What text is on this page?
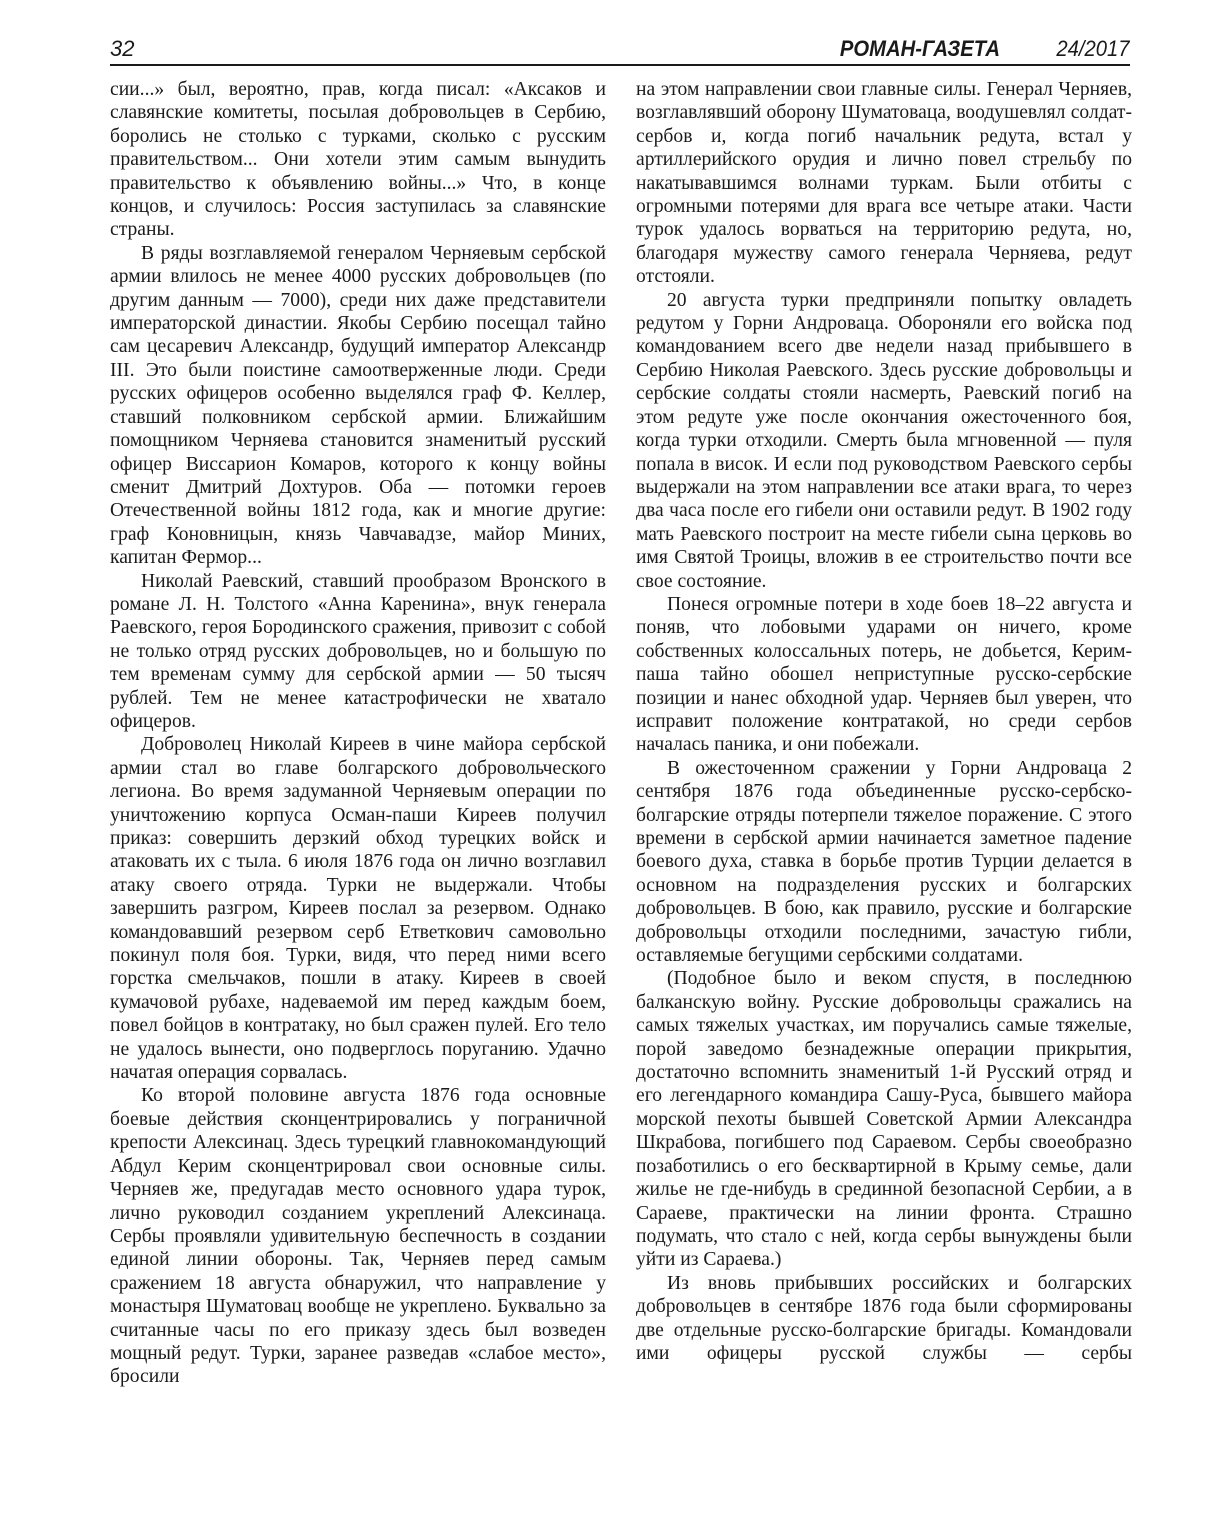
32	РОМАН-ГАЗЕТА	24/2017

сии...» был, вероятно, прав, когда писал: «Аксаков и славянские комитеты, посылая добровольцев в Сербию, боролись не столько с турками, сколько с русским правительством... Они хотели этим самым вынудить правительство к объявлению войны...» Что, в конце концов, и случилось: Россия заступилась за славянские страны.

В ряды возглавляемой генералом Черняевым сербской армии влилось не менее 4000 русских добровольцев (по другим данным — 7000), среди них даже представители императорской династии. Якобы Сербию посещал тайно сам цесаревич Александр, будущий император Александр III. Это были поистине самоотверженные люди. Среди русских офицеров особенно выделялся граф Ф. Келлер, ставший полковником сербской армии. Ближайшим помощником Черняева становится знаменитый русский офицер Виссарион Комаров, которого к концу войны сменит Дмитрий Дохтуров. Оба — потомки героев Отечественной войны 1812 года, как и многие другие: граф Коновницын, князь Чавчавадзе, майор Миних, капитан Фермор...

Николай Раевский, ставший прообразом Вронского в романе Л. Н. Толстого «Анна Каренина», внук генерала Раевского, героя Бородинского сражения, привозит с собой не только отряд русских добровольцев, но и большую по тем временам сумму для сербской армии — 50 тысяч рублей. Тем не менее катастрофически не хватало офицеров.

Доброволец Николай Киреев в чине майора сербской армии стал во главе болгарского добровольческого легиона. Во время задуманной Черняевым операции по уничтожению корпуса Осман-паши Киреев получил приказ: совершить дерзкий обход турецких войск и атаковать их с тыла. 6 июля 1876 года он лично возглавил атаку своего отряда. Турки не выдержали. Чтобы завершить разгром, Киреев послал за резервом. Однако командовавший резервом серб Етветкович самовольно покинул поля боя. Турки, видя, что перед ними всего горстка смельчаков, пошли в атаку. Киреев в своей кумачовой рубахе, надеваемой им перед каждым боем, повел бойцов в контратаку, но был сражен пулей. Его тело не удалось вынести, оно подверглось поруганию. Удачно начатая операция сорвалась.

Ко второй половине августа 1876 года основные боевые действия сконцентрировались у пограничной крепости Алексинац. Здесь турецкий главнокомандующий Абдул Керим сконцентрировал свои основные силы. Черняев же, предугадав место основного удара турок, лично руководил созданием укреплений Алексинаца. Сербы проявляли удивительную беспечность в создании единой линии обороны. Так, Черняев перед самым сражением 18 августа обнаружил, что направление у монастыря Шуматовац вообще не укреплено. Буквально за считанные часы по его приказу здесь был возведен мощный редут. Турки, заранее разведав «слабое место», бросили

на этом направлении свои главные силы. Генерал Черняев, возглавлявший оборону Шуматоваца, воодушевлял солдат-сербов и, когда погиб начальник редута, встал у артиллерийского орудия и лично повел стрельбу по накатывавшимся волнами туркам. Были отбиты с огромными потерями для врага все четыре атаки. Части турок удалось ворваться на территорию редута, но, благодаря мужеству самого генерала Черняева, редут отстояли.

20 августа турки предприняли попытку овладеть редутом у Горни Андроваца. Обороняли его войска под командованием всего две недели назад прибывшего в Сербию Николая Раевского. Здесь русские добровольцы и сербские солдаты стояли насмерть, Раевский погиб на этом редуте уже после окончания ожесточенного боя, когда турки отходили. Смерть была мгновенной — пуля попала в висок. И если под руководством Раевского сербы выдержали на этом направлении все атаки врага, то через два часа после его гибели они оставили редут. В 1902 году мать Раевского построит на месте гибели сына церковь во имя Святой Троицы, вложив в ее строительство почти все свое состояние.

Понеся огромные потери в ходе боев 18–22 августа и поняв, что лобовыми ударами он ничего, кроме собственных колоссальных потерь, не добьется, Керим-паша тайно обошел неприступные русско-сербские позиции и нанес обходной удар. Черняев был уверен, что исправит положение контратакой, но среди сербов началась паника, и они побежали.

В ожесточенном сражении у Горни Андроваца 2 сентября 1876 года объединенные русско-сербско-болгарские отряды потерпели тяжелое поражение. С этого времени в сербской армии начинается заметное падение боевого духа, ставка в борьбе против Турции делается в основном на подразделения русских и болгарских добровольцев. В бою, как правило, русские и болгарские добровольцы отходили последними, зачастую гибли, оставляемые бегущими сербскими солдатами.

(Подобное было и веком спустя, в последнюю балканскую войну. Русские добровольцы сражались на самых тяжелых участках, им поручались самые тяжелые, порой заведомо безнадежные операции прикрытия, достаточно вспомнить знаменитый 1-й Русский отряд и его легендарного командира Сашу-Руса, бывшего майора морской пехоты бывшей Советской Армии Александра Шкрабова, погибшего под Сараевом. Сербы своеобразно позаботились о его бесквартирной в Крыму семье, дали жилье не где-нибудь в срединной безопасной Сербии, а в Сараеве, практически на линии фронта. Страшно подумать, что стало с ней, когда сербы вынуждены были уйти из Сараева.)

Из вновь прибывших российских и болгарских добровольцев в сентябре 1876 года были сформированы две отдельные русско-болгарские бригады. Командовали ими офицеры русской службы — сербы
